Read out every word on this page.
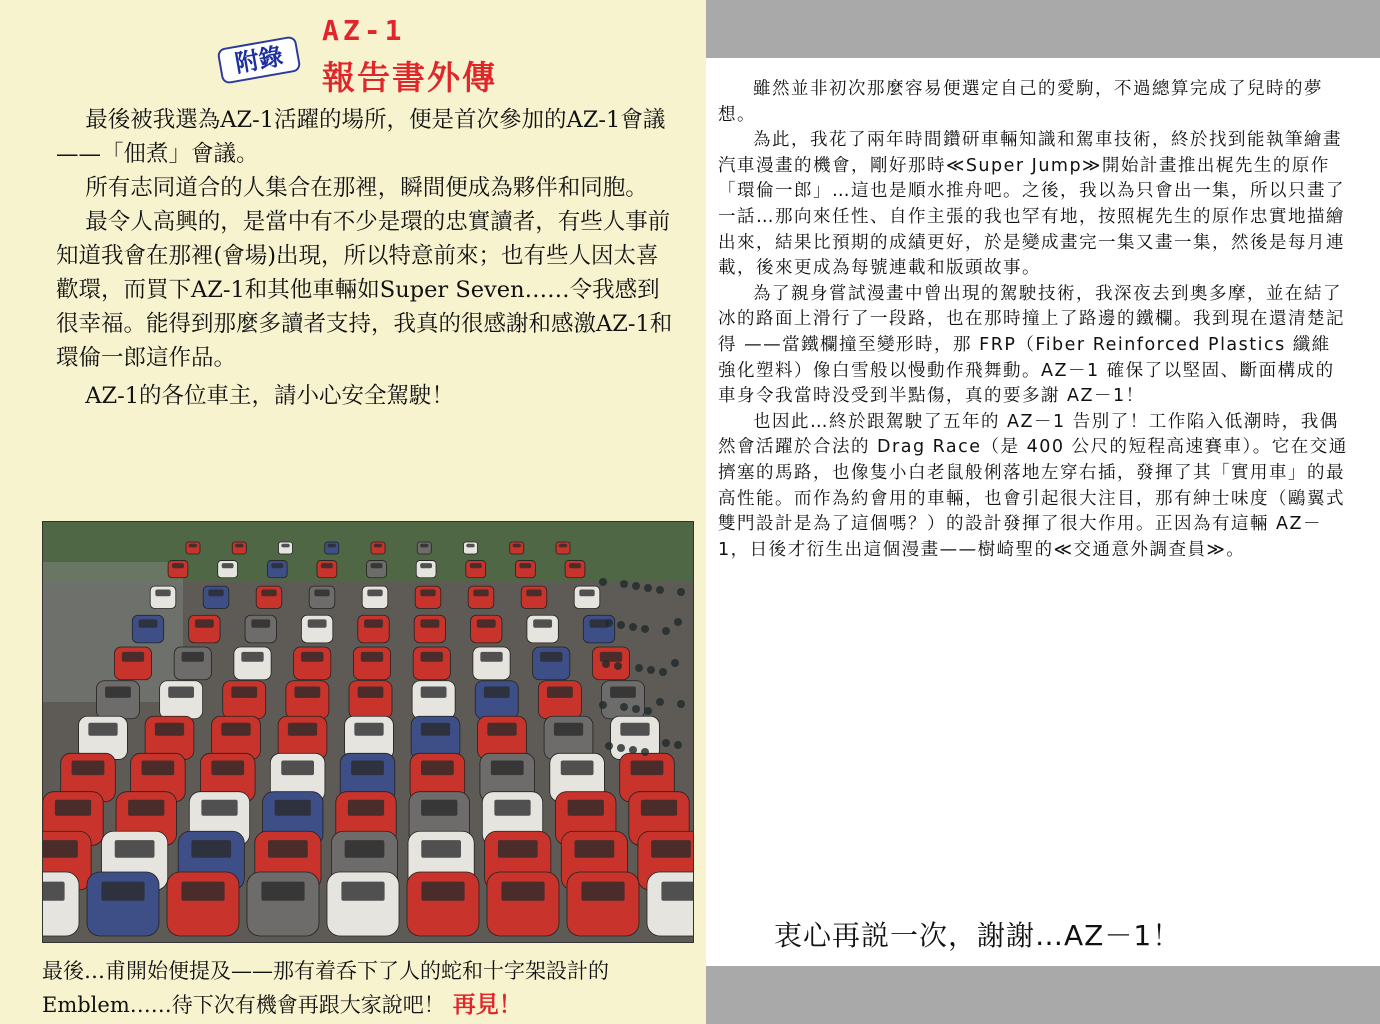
附錄
AZ-1
報告書外傳

最後被我選為AZ-1活躍的場所，便是首次參加的AZ-1會議——「佃煮」會議。

所有志同道合的人集合在那裡，瞬間便成為夥伴和同胞。

最令人高興的，是當中有不少是環的忠實讀者，有些人事前知道我會在那裡(會場)出現，所以特意前來；也有些人因太喜歡環，而買下AZ-1和其他車輛如Super Seven……令我感到很幸福。能得到那麼多讀者支持，我真的很感謝和感激AZ-1和環倫一郎這作品。

AZ-1的各位車主，請小心安全駕駛！

最後…甫開始便提及——那有着呑下了人的蛇和十字架設計的Emblem……待下次有機會再跟大家說吧！ 再見！

雖然並非初次那麼容易便選定自己的愛駒，不過總算完成了兒時的夢想。

為此，我花了兩年時間鑽研車輛知識和駕車技術，終於找到能執筆繪畫汽車漫畫的機會，剛好那時≪Super Jump≫開始計畫推出梶先生的原作「環倫一郎」…這也是順水推舟吧。之後，我以為只會出一集，所以只畫了一話…那向來任性、自作主張的我也罕有地，按照梶先生的原作忠實地描繪出來，結果比預期的成績更好，於是變成畫完一集又畫一集，然後是每月連載，後來更成為每號連載和版頭故事。

為了親身嘗試漫畫中曾出現的駕駛技術，我深夜去到奧多摩，並在結了冰的路面上滑行了一段路，也在那時撞上了路邊的鐵欄。我到現在還清楚記得 ——當鐵欄撞至變形時，那 FRP（Fiber Reinforced Plastics 纖維強化塑料）像白雪般以慢動作飛舞動。AZ－1 確保了以堅固、斷面構成的車身令我當時没受到半點傷，真的要多謝 AZ－1！

也因此…終於跟駕駛了五年的 AZ－1 告別了！工作陷入低潮時，我偶然會活躍於合法的 Drag Race（是 400 公尺的短程高速賽車）。它在交通擠塞的馬路，也像隻小白老鼠般俐落地左穿右插，發揮了其「實用車」的最高性能。而作為約會用的車輛，也會引起很大注目，那有紳士味度（鷗翼式雙門設計是為了這個嗎？）的設計發揮了很大作用。正因為有這輛 AZ－1，日後才衍生出這個漫畫——樹崎聖的≪交通意外調查員≫。

衷心再説一次，謝謝…AZ－1！
